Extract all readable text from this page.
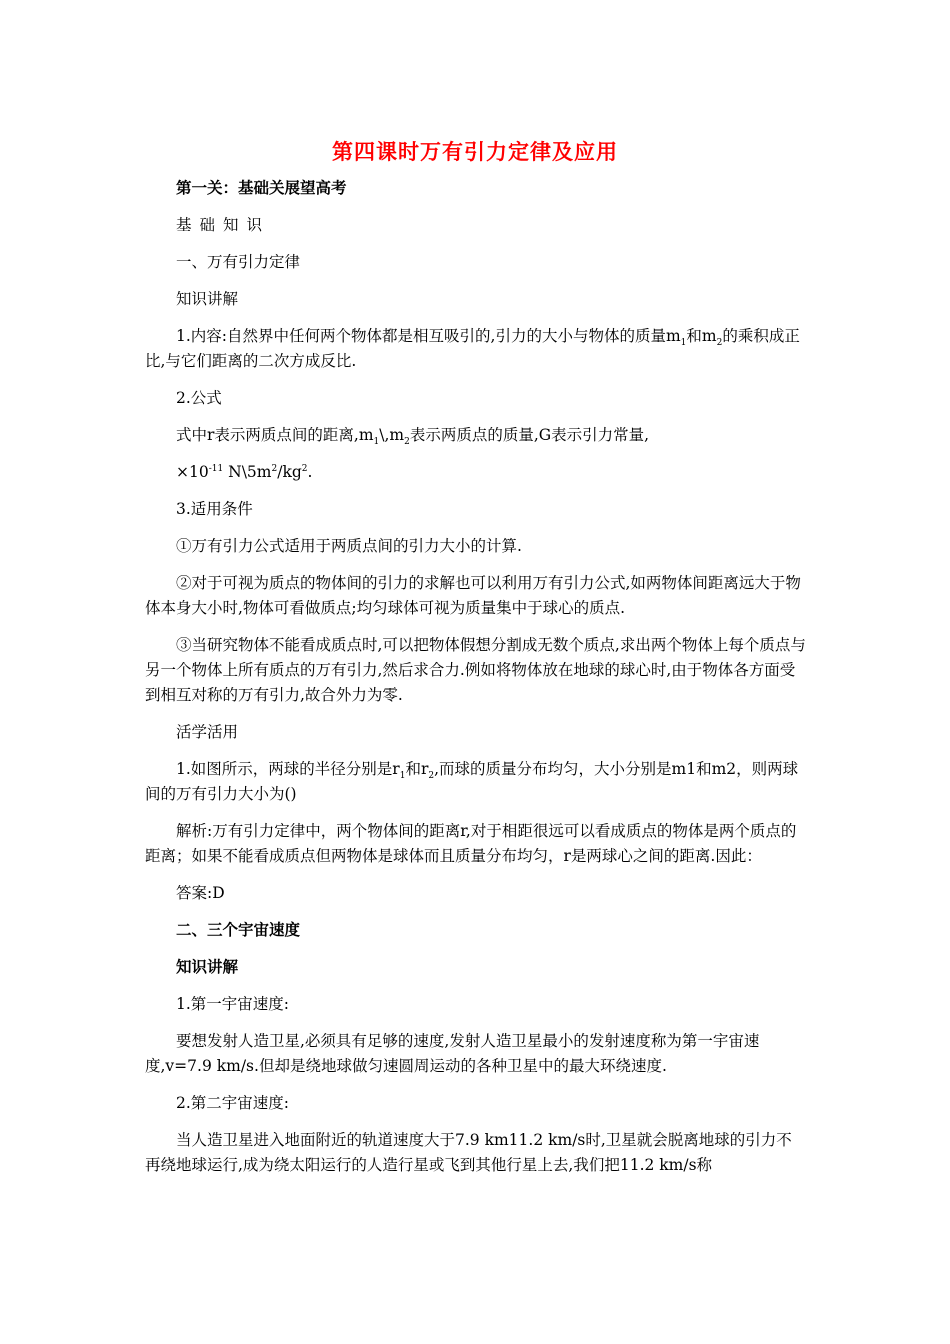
第四课时万有引力定律及应用

第一关：基础关展望高考

基础知识

一、万有引力定律

知识讲解

1.内容:自然界中任何两个物体都是相互吸引的,引力的大小与物体的质量$m_1$和$m_2$的乘积成正比,与它们距离的二次方成反比.

2.公式

式中r表示两质点间的距离$,m_1\backslash,m_2$表示两质点的质量,G表示引力常量,

$\times 10^{-11}$ $N\backslash 5m^2/kg^2$.

3.适用条件

①万有引力公式适用于两质点间的引力大小的计算.

②对于可视为质点的物体间的引力的求解也可以利用万有引力公式,如两物体间距离远大于物体本身大小时,物体可看做质点;均匀球体可视为质量集中于球心的质点.

③当研究物体不能看成质点时,可以把物体假想分割成无数个质点,求出两个物体上每个质点与另一个物体上所有质点的万有引力,然后求合力.例如将物体放在地球的球心时,由于物体各方面受到相互对称的万有引力,故合外力为零.

活学活用

1.如图所示，两球的半径分别是$r_1$和$r_2$,而球的质量分布均匀，大小分别是m1和m2，则两球间的万有引力大小为()

解析:万有引力定律中，两个物体间的距离r,对于相距很远可以看成质点的物体是两个质点的距离；如果不能看成质点但两物体是球体而且质量分布均匀，r是两球心之间的距离.因此：

答案:D

二、三个宇宙速度

知识讲解

1.第一宇宙速度:

要想发射人造卫星,必须具有足够的速度,发射人造卫星最小的发射速度称为第一宇宙速度,v=7.9 km/s.但却是绕地球做匀速圆周运动的各种卫星中的最大环绕速度.

2.第二宇宙速度:

当人造卫星进入地面附近的轨道速度大于7.9 km11.2 km/s时,卫星就会脱离地球的引力不再绕地球运行,成为绕太阳运行的人造行星或飞到其他行星上去,我们把11.2 km/s称
